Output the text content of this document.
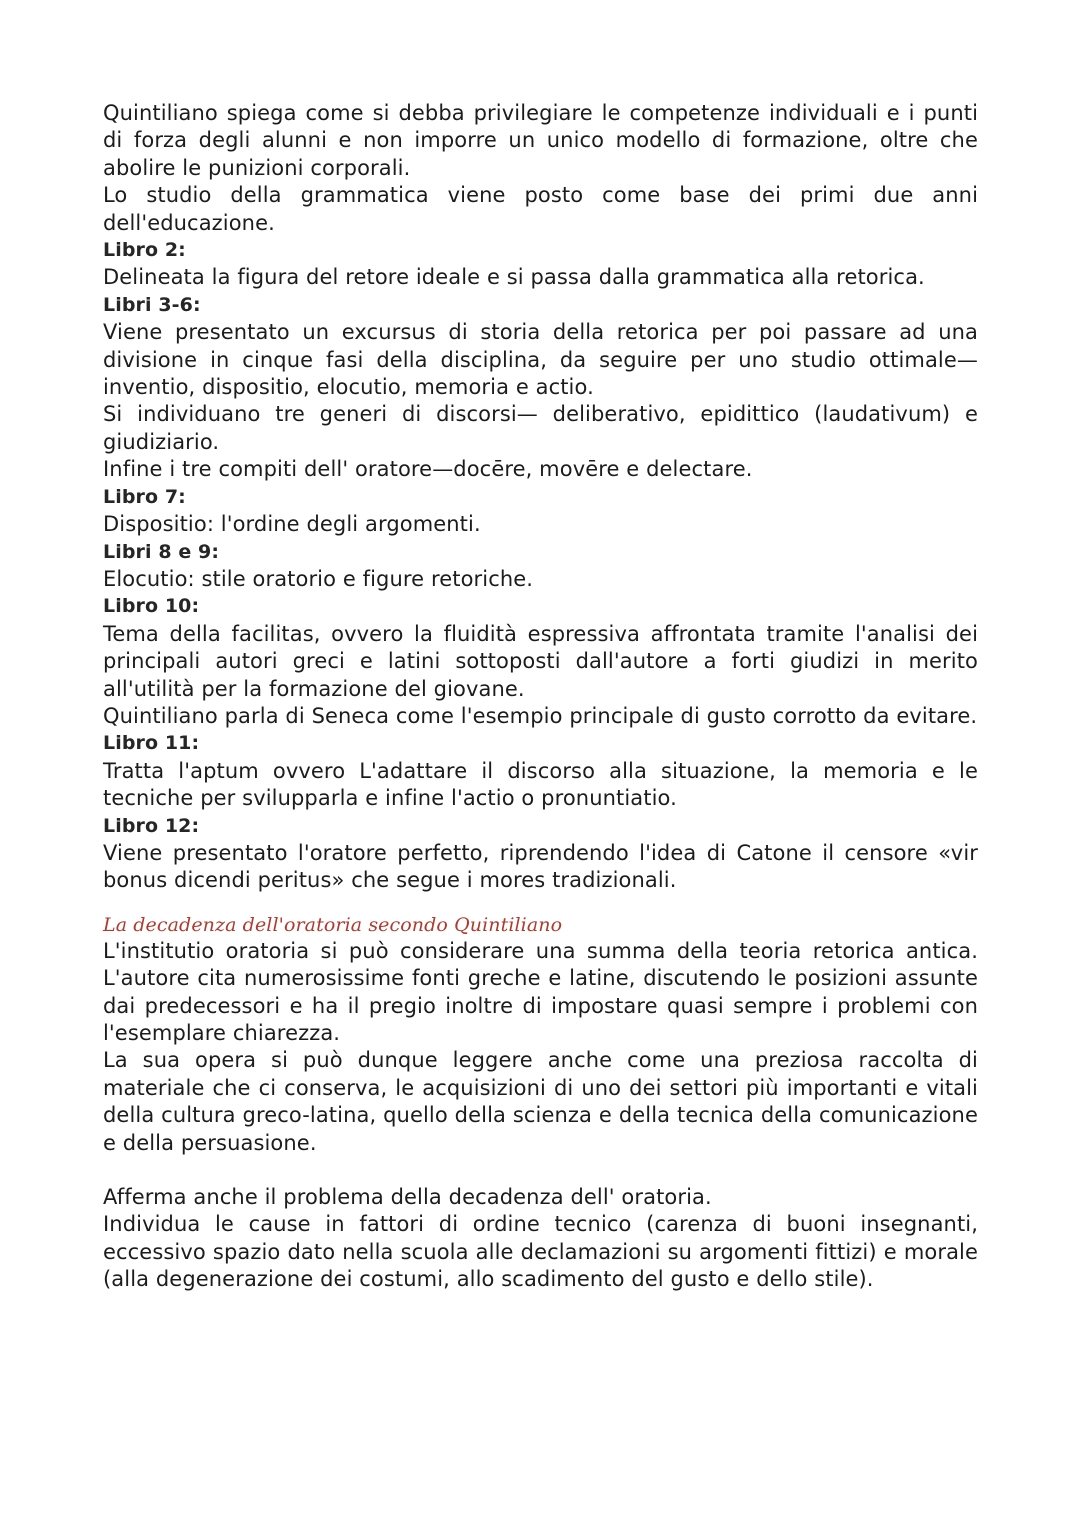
Quintiliano spiega come si debba privilegiare le competenze individuali e i punti di forza degli alunni e non imporre un unico modello di formazione, oltre che abolire le punizioni corporali.

Lo studio della grammatica viene posto come base dei primi due anni dell'educazione.

Libro 2:

Delineata la figura del retore ideale e si passa dalla grammatica alla retorica.

Libri 3-6:

Viene presentato un excursus di storia della retorica per poi passare ad una divisione in cinque fasi della disciplina, da seguire per uno studio ottimale— inventio, dispositio, elocutio, memoria e actio.

Si individuano tre generi di discorsi— deliberativo, epidittico (laudativum) e giudiziario.

Infine i tre compiti dell' oratore—docēre, movēre e delectare.

Libro 7:

Dispositio: l'ordine degli argomenti.

Libri 8 e 9:

Elocutio: stile oratorio e figure retoriche.

Libro 10:

Tema della facilitas, ovvero la fluidità espressiva affrontata tramite l'analisi dei principali autori greci e latini sottoposti dall'autore a forti giudizi in merito all'utilità per la formazione del giovane.

Quintiliano parla di Seneca come l'esempio principale di gusto corrotto da evitare.

Libro 11:

Tratta l'aptum ovvero L'adattare il discorso alla situazione, la memoria e le tecniche per svilupparla e infine l'actio o pronuntiatio.

Libro 12:

Viene presentato l'oratore perfetto, riprendendo l'idea di Catone il censore «vir bonus dicendi peritus» che segue i mores tradizionali.

La decadenza dell'oratoria secondo Quintiliano

L'institutio oratoria si può considerare una summa della teoria retorica antica. L'autore cita numerosissime fonti greche e latine, discutendo le posizioni assunte dai predecessori e ha il pregio inoltre di impostare quasi sempre i problemi con l'esemplare chiarezza.

La sua opera si può dunque leggere anche come una preziosa raccolta di materiale che ci conserva, le acquisizioni di uno dei settori più importanti e vitali della cultura greco-latina, quello della scienza e della tecnica della comunicazione e della persuasione.

Afferma anche il problema della decadenza dell' oratoria.

Individua le cause in fattori di ordine tecnico (carenza di buoni insegnanti, eccessivo spazio dato nella scuola alle declamazioni su argomenti fittizi) e morale (alla degenerazione dei costumi, allo scadimento del gusto e dello stile).
